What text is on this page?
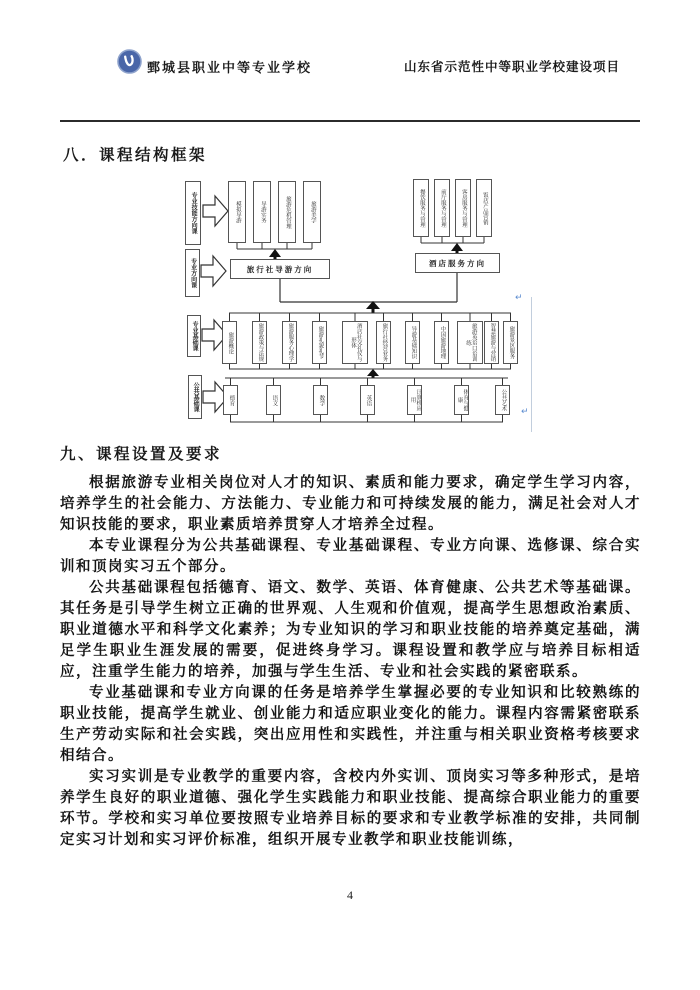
鄄城县职业中等专业学校	山东省示范性中等职业学校建设项目
八．课程结构框架
专业技能方向课
专业方向课
专业基础课
公共基础课
模拟导游	导游实务	旅游危机管理	旅游美学
旅行社导游方向
餐饮服务与管理	前厅服务与管理	客房服务与管理	饭店产品营销
酒店服务方向
旅游概论	旅游政策与法规	旅游服务心理学	旅游礼貌礼节	酒店社交礼仪与形体	旅行社经营业务	导游基础知识	中国旅游地理	旅游英语口语训练	智慧旅游与营销	旅游景区服务
德育	语文	数学	英语	计算机应用	体育与健康	公共艺术
↵
↵
九、课程设置及要求

根据旅游专业相关岗位对人才的知识、素质和能力要求，确定学生学习内容，培养学生的社会能力、方法能力、专业能力和可持续发展的能力，满足社会对人才知识技能的要求，职业素质培养贯穿人才培养全过程。

本专业课程分为公共基础课程、专业基础课程、专业方向课、选修课、综合实训和顶岗实习五个部分。

公共基础课程包括德育、语文、数学、英语、体育健康、公共艺术等基础课。其任务是引导学生树立正确的世界观、人生观和价值观，提高学生思想政治素质、职业道德水平和科学文化素养；为专业知识的学习和职业技能的培养奠定基础，满足学生职业生涯发展的需要，促进终身学习。课程设置和教学应与培养目标相适应，注重学生能力的培养，加强与学生生活、专业和社会实践的紧密联系。

专业基础课和专业方向课的任务是培养学生掌握必要的专业知识和比较熟练的职业技能，提高学生就业、创业能力和适应职业变化的能力。课程内容需紧密联系生产劳动实际和社会实践，突出应用性和实践性，并注重与相关职业资格考核要求相结合。

实习实训是专业教学的重要内容，含校内外实训、顶岗实习等多种形式，是培养学生良好的职业道德、强化学生实践能力和职业技能、提高综合职业能力的重要环节。学校和实习单位要按照专业培养目标的要求和专业教学标准的安排，共同制定实习计划和实习评价标准，组织开展专业教学和职业技能训练，

4
